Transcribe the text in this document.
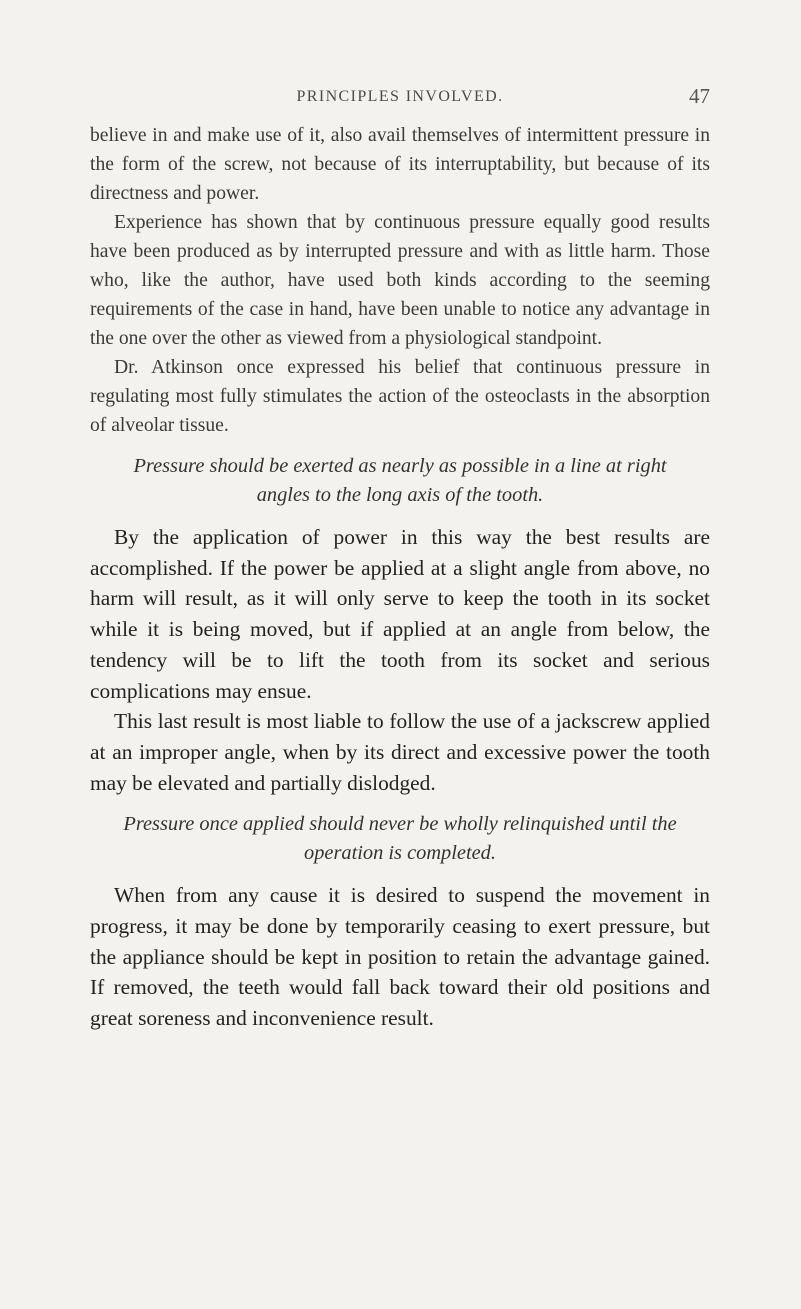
PRINCIPLES INVOLVED.	47

believe in and make use of it, also avail themselves of intermittent pressure in the form of the screw, not because of its interruptability, but because of its directness and power.

Experience has shown that by continuous pressure equally good results have been produced as by interrupted pressure and with as little harm. Those who, like the author, have used both kinds according to the seeming requirements of the case in hand, have been unable to notice any advantage in the one over the other as viewed from a physiological standpoint.

Dr. Atkinson once expressed his belief that continuous pressure in regulating most fully stimulates the action of the osteoclasts in the absorption of alveolar tissue.

Pressure should be exerted as nearly as possible in a line at right angles to the long axis of the tooth.

By the application of power in this way the best results are accomplished. If the power be applied at a slight angle from above, no harm will result, as it will only serve to keep the tooth in its socket while it is being moved, but if applied at an angle from below, the tendency will be to lift the tooth from its socket and serious complications may ensue.

This last result is most liable to follow the use of a jackscrew applied at an improper angle, when by its direct and excessive power the tooth may be elevated and partially dislodged.

Pressure once applied should never be wholly relinquished until the operation is completed.

When from any cause it is desired to suspend the movement in progress, it may be done by temporarily ceasing to exert pressure, but the appliance should be kept in position to retain the advantage gained. If removed, the teeth would fall back toward their old positions and great soreness and inconvenience result.
